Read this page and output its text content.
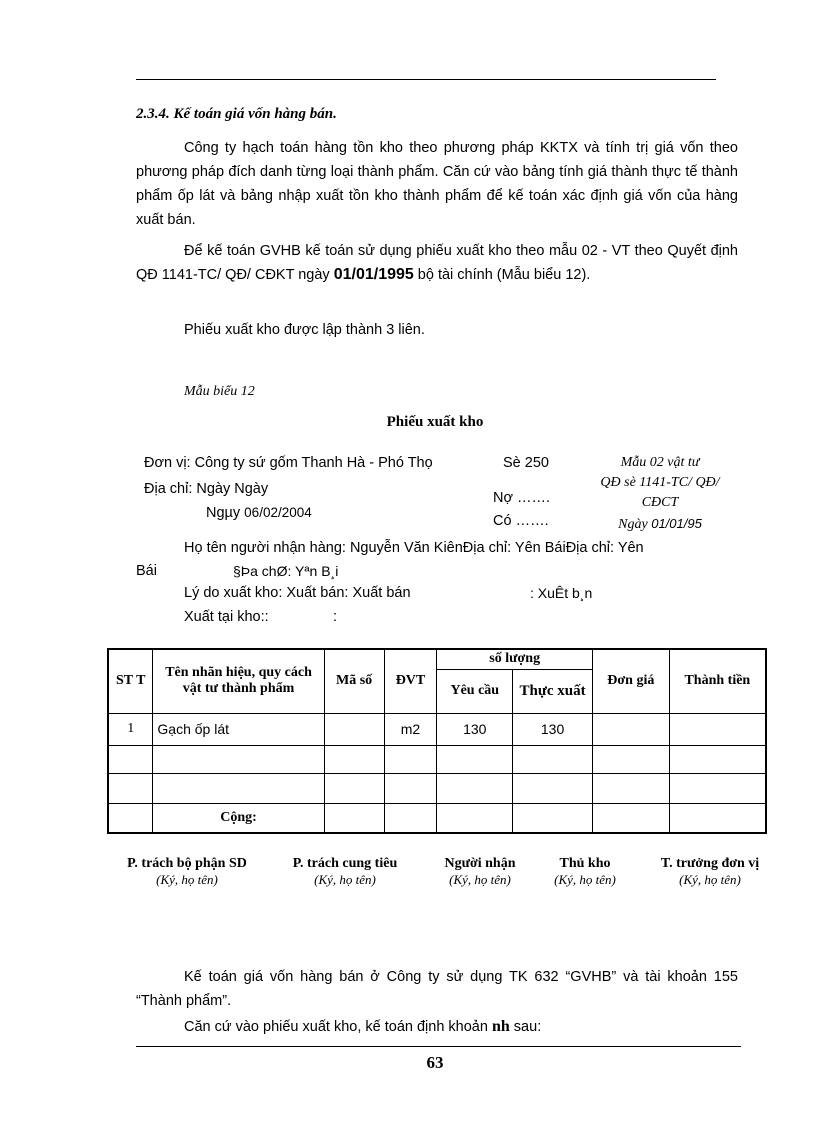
2.3.4. Kế toán giá vốn hàng bán.
Công ty hạch toán hàng tồn kho theo phương pháp KKTX và tính trị giá vốn theo phương pháp đích danh từng loại thành phẩm. Căn cứ vào bảng tính giá thành thực tế thành phẩm ốp lát và bảng nhập xuất tồn kho thành phẩm để kế toán xác định giá vốn của hàng xuất bán.
Để kế toán GVHB kế toán sử dụng phiếu xuất kho theo mẫu 02 - VT theo Quyết định QĐ 1141-TC/ QĐ/ CĐKT ngày 01/01/1995 bộ tài chính (Mẫu biểu 12).
Phiếu xuất kho được lập thành 3 liên.
Mẫu biểu 12
Phiếu xuất kho
Đơn vị: Công ty sứ gốm Thanh Hà - Phó Thọ	Sè 250
Địa chỉ: Ngày Ngày
Ngµy 06/02/2004
Nợ …….
Có …….
Mẫu 02 vật tư
QĐ sè 1141-TC/ QĐ/
CĐCT
Ngày 01/01/95
Họ tên người nhận hàng: Nguyễn Văn KiênĐịa chỉ: Yên BáiĐịa chỉ: Yên
Bái	§Þa chØ: Yªn B¸i
Lý do xuất kho: Xuất bán: Xuất bán	: XuÊt b¸n
Xuất tại kho::	:
ST T	Tên nhãn hiệu, quy cách vật tư thành phẩm	Mã số	ĐVT	số lượng		Đơn giá	Thành tiền
				Yêu cầu	Thực xuất		
1	Gạch ốp lát		m2	130	130		

	Cộng:						
P. trách bộ phận SD
(Ký, họ tên)
P. trách cung tiêu
(Ký, họ tên)
Người nhận
(Ký, họ tên)
Thủ kho
(Ký, họ tên)
T. trưởng đơn vị
(Ký, họ tên)
Kế toán giá vốn hàng bán ở Công ty sử dụng TK 632 “GVHB” và tài khoản 155 “Thành phẩm”.
Căn cứ vào phiếu xuất kho, kế toán định khoản nh sau:
63
